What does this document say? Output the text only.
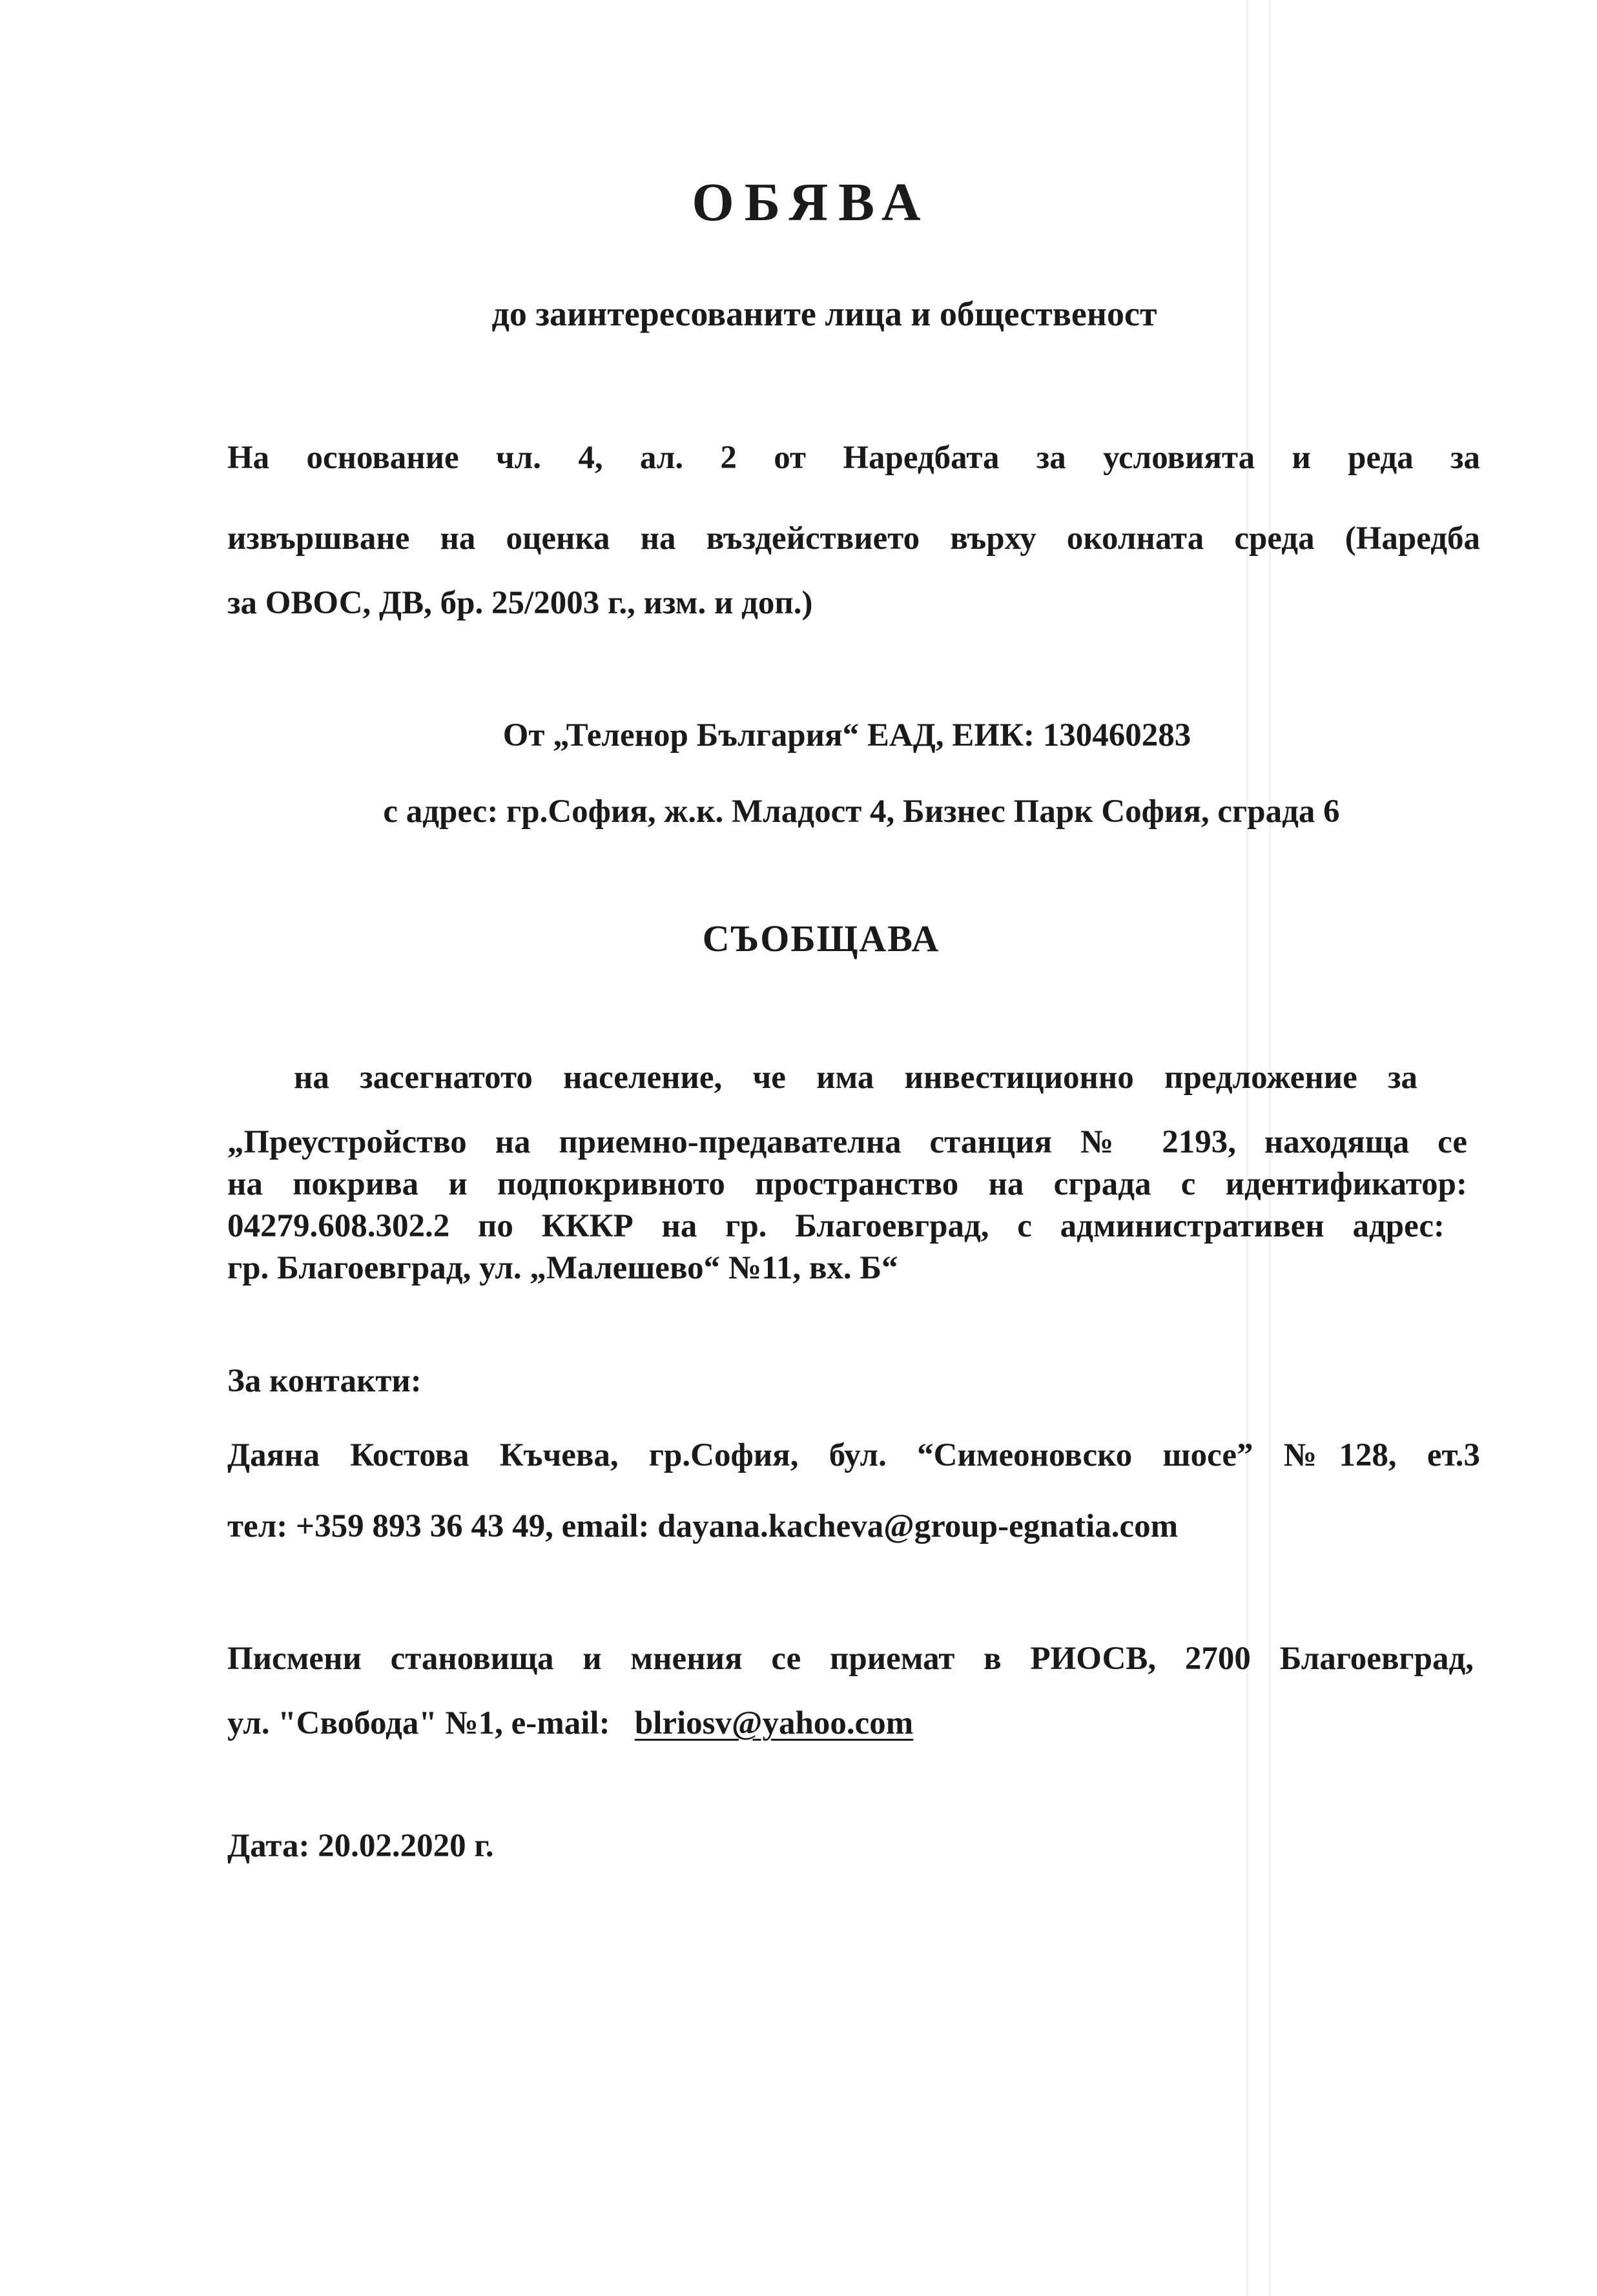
ОБЯВА

до заинтересованите лица и общественост

На основание чл. 4, ал. 2 от Наредбата за условията и реда за

извършване на оценка на въздействието върху околната среда (Наредба

за ОВОС, ДВ, бр. 25/2003 г., изм. и доп.)

От „Теленор България“ ЕАД, ЕИК: 130460283

с адрес: гр.София, ж.к. Младост 4, Бизнес Парк София, сграда 6

СЪОБЩАВА

на засегнатото население, че има инвестиционно предложение за

„Преустройство на приемно-предавателна станция № 2193, находяща се

на покрива и подпокривното пространство на сграда с идентификатор:

04279.608.302.2 по КККР на гр. Благоевград, с административен адрес:

гр. Благоевград, ул. „Малешево“ №11, вх. Б“

За контакти:

Даяна Костова Къчева, гр.София, бул. “Симеоновско шосе” №128, ет.3

тел: +359 893 36 43 49, email: dayana.kacheva@group-egnatia.com

Писмени становища и мнения се приемат в РИОСВ, 2700 Благоевград,

ул. "Свобода" №1, e-mail: blriosv@yahoo.com

Дата: 20.02.2020 г.
